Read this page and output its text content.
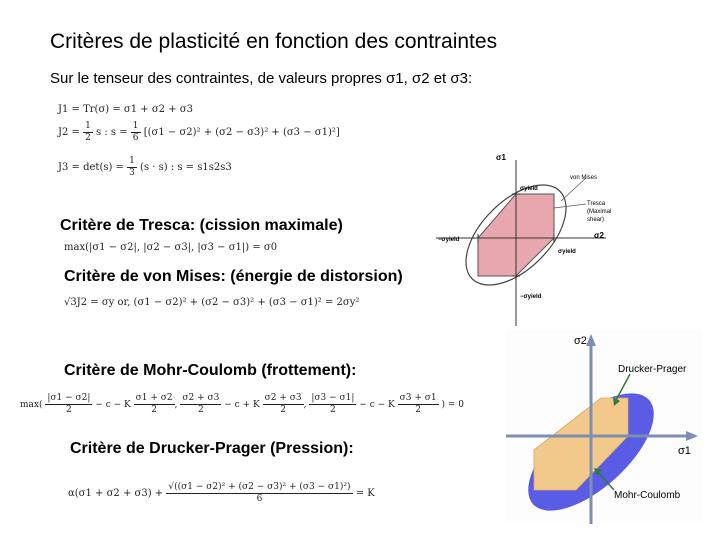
Critères de plasticité en fonction des contraintes
Sur le tenseur des contraintes, de valeurs propres σ1, σ2 et σ3:
J1 = Tr(σ) = σ1 + σ2 + σ3
$J2 = \frac{1}{2}$ s : $s = \frac{1}{6} [(\sigma 1 - \sigma 2)^2 + (\sigma 2 - \sigma 3)^2 + (\sigma 3 - \sigma 1)^2]$
$J3 = \det(s) = \frac{1}{3} (s \cdot s)$ : s = s1s2s3
σ1
σ2
σyield
σyield
−σyield
−σyield
von Mises
Tresca
(Maximal
shear)
Critère de Tresca: (cission maximale)
max(|σ1 − σ2|, |σ2 − σ3|, |σ3 − σ1|) = σ0
Critère de von Mises: (énergie de distorsion)
√3J2 = σy or, (σ1 − σ2)² + (σ2 − σ3)² + (σ3 − σ1)² = 2σy²
Critère de Mohr-Coulomb (frottement):
$\max( \frac{|\sigma 1 - \sigma 2|}{2} - c - K \frac{\sigma 1 + \sigma 2}{2}$ , $\frac{\sigma 2 + \sigma 3}{2} - c + K \frac{\sigma 2 + \sigma 3}{2}$ , $\frac{|\sigma 3 - \sigma 1|}{2} - c - K \frac{\sigma 3 + \sigma 1}{2}$ ) = 0
Critère de Drucker-Prager (Pression):
$\alpha(\sigma 1 + \sigma 2 + \sigma 3) + \frac{\text{√((σ1 − σ2)² + (σ2 − σ3)² + (σ3 − σ1)²)}}{6} = K$
σ2
σ1
Drucker-Prager
Mohr-Coulomb
